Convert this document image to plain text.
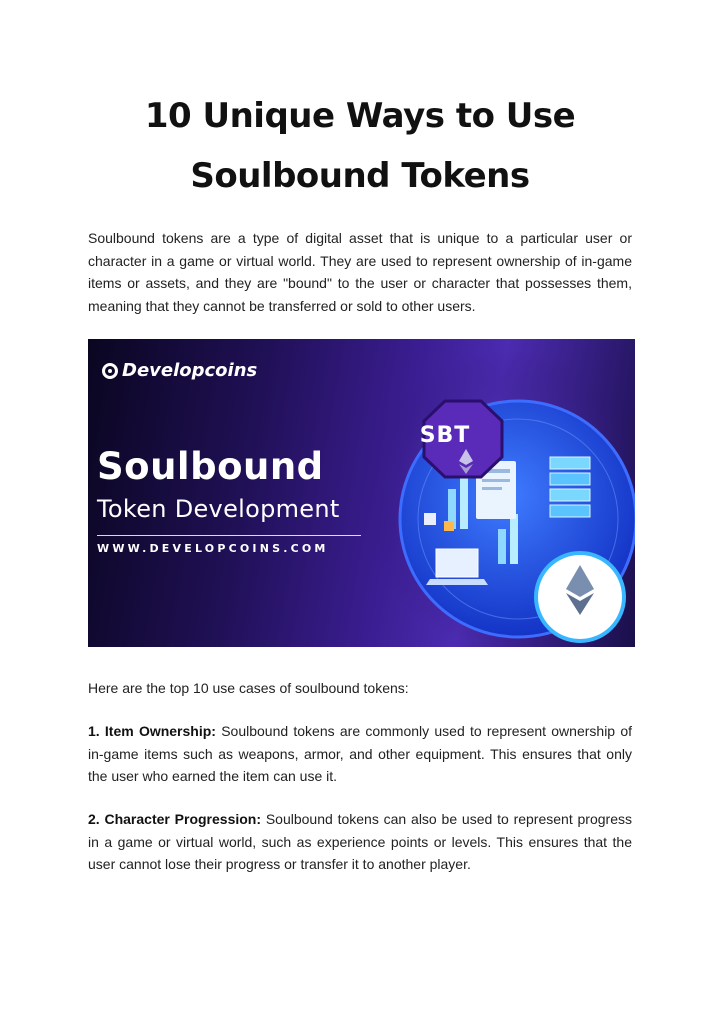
10 Unique Ways to Use
Soulbound Tokens
Soulbound tokens are a type of digital asset that is unique to a particular user or character in a game or virtual world. They are used to represent ownership of in-game items or assets, and they are "bound" to the user or character that possesses them, meaning that they cannot be transferred or sold to other users.
Developcoins
Soulbound
Token Development
WWW.DEVELOPCOINS.COM
SBT
Here are the top 10 use cases of soulbound tokens:
1. Item Ownership: Soulbound tokens are commonly used to represent ownership of in-game items such as weapons, armor, and other equipment. This ensures that only the user who earned the item can use it.
2. Character Progression: Soulbound tokens can also be used to represent progress in a game or virtual world, such as experience points or levels. This ensures that the user cannot lose their progress or transfer it to another player.
